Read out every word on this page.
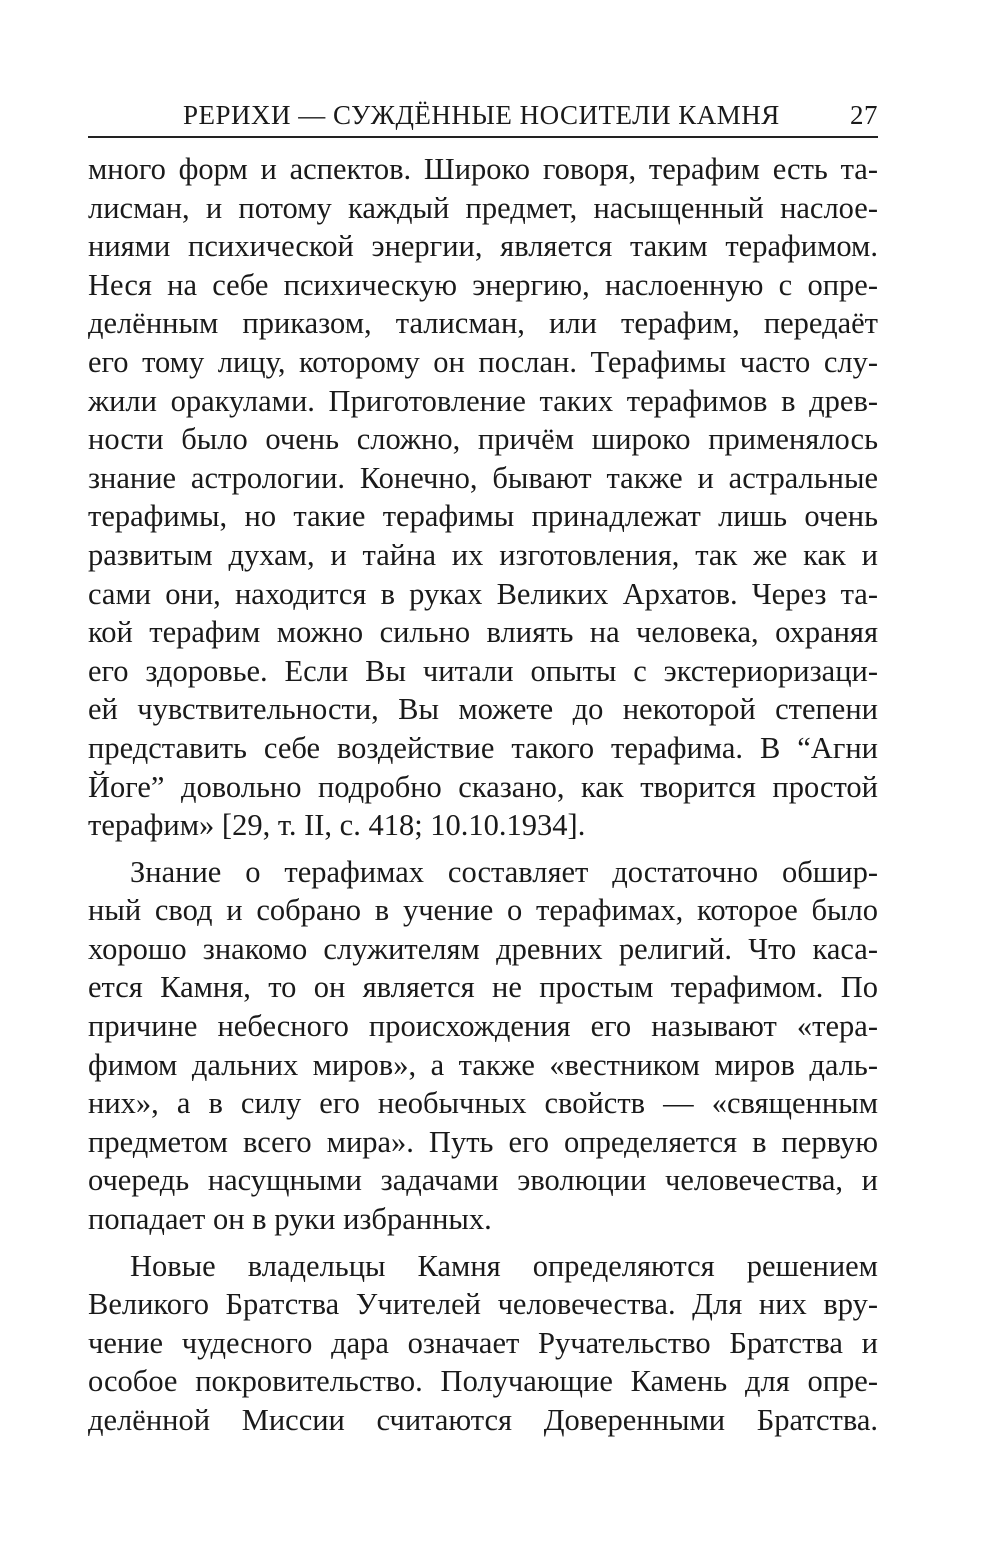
РЕРИХИ — СУЖДЁННЫЕ НОСИТЕЛИ КАМНЯ	27
много форм и аспектов. Широко говоря, терафим есть та-
лисман, и потому каждый предмет, насыщенный наслое-
ниями психической энергии, является таким терафимом.
Неся на себе психическую энергию, наслоенную с опре-
делённым приказом, талисман, или терафим, передаёт
его тому лицу, которому он послан. Терафимы часто слу-
жили оракулами. Приготовление таких терафимов в древ-
ности было очень сложно, причём широко применялось
знание астрологии. Конечно, бывают также и астральные
терафимы, но такие терафимы принадлежат лишь очень
развитым духам, и тайна их изготовления, так же как и
сами они, находится в руках Великих Архатов. Через та-
кой терафим можно сильно влиять на человека, охраняя
его здоровье. Если Вы читали опыты с экстериоризаци-
ей чувствительности, Вы можете до некоторой степени
представить себе воздействие такого терафима. В “Агни
Йоге” довольно подробно сказано, как творится простой
терафим» [29, т. II, с. 418; 10.10.1934].
Знание о терафимах составляет достаточно обшир-
ный свод и собрано в учение о терафимах, которое было
хорошо знакомо служителям древних религий. Что каса-
ется Камня, то он является не простым терафимом. По
причине небесного происхождения его называют «тера-
фимом дальних миров», а также «вестником миров даль-
них», а в силу его необычных свойств — «священным
предметом всего мира». Путь его определяется в первую
очередь насущными задачами эволюции человечества, и
попадает он в руки избранных.
Новые владельцы Камня определяются решением
Великого Братства Учителей человечества. Для них вру-
чение чудесного дара означает Ручательство Братства и
особое покровительство. Получающие Камень для опре-
делённой Миссии считаются Доверенными Братства.
